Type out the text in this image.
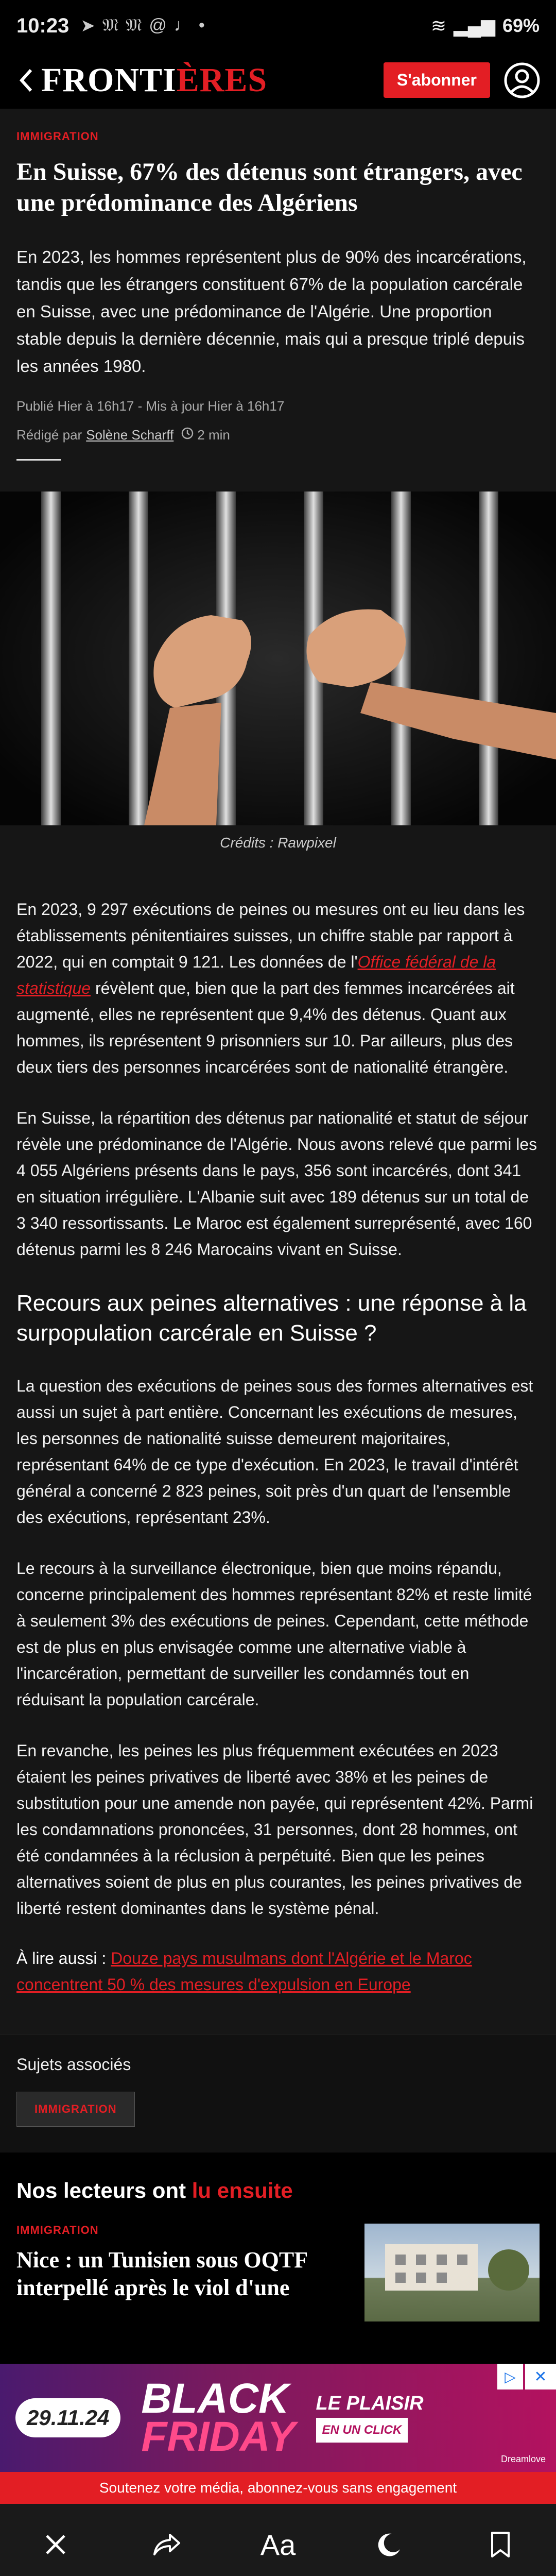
10:23 ➤ 𝔐 𝔐 @ ♩ •	≋ ▂▄▆ 69%
FRONTIÈRES	S'abonner
IMMIGRATION
En Suisse, 67% des détenus sont étrangers, avec une prédominance des Algériens

En 2023, les hommes représentent plus de 90% des incarcérations, tandis que les étrangers constituent 67% de la population carcérale en Suisse, avec une prédominance de l'Algérie. Une proportion stable depuis la dernière décennie, mais qui a presque triplé depuis les années 1980.

Publié Hier à 16h17 - Mis à jour Hier à 16h17
Rédigé par Solène Scharff 2 min
Crédits : Rawpixel

En 2023, 9 297 exécutions de peines ou mesures ont eu lieu dans les établissements pénitentiaires suisses, un chiffre stable par rapport à 2022, qui en comptait 9 121. Les données de l'Office fédéral de la statistique révèlent que, bien que la part des femmes incarcérées ait augmenté, elles ne représentent que 9,4% des détenus. Quant aux hommes, ils représentent 9 prisonniers sur 10. Par ailleurs, plus des deux tiers des personnes incarcérées sont de nationalité étrangère.

En Suisse, la répartition des détenus par nationalité et statut de séjour révèle une prédominance de l'Algérie. Nous avons relevé que parmi les 4 055 Algériens présents dans le pays, 356 sont incarcérés, dont 341 en situation irrégulière. L'Albanie suit avec 189 détenus sur un total de 3 340 ressortissants. Le Maroc est également surreprésenté, avec 160 détenus parmi les 8 246 Marocains vivant en Suisse.

Recours aux peines alternatives : une réponse à la surpopulation carcérale en Suisse ?

La question des exécutions de peines sous des formes alternatives est aussi un sujet à part entière. Concernant les exécutions de mesures, les personnes de nationalité suisse demeurent majoritaires, représentant 64% de ce type d'exécution. En 2023, le travail d'intérêt général a concerné 2 823 peines, soit près d'un quart de l'ensemble des exécutions, représentant 23%.

Le recours à la surveillance électronique, bien que moins répandu, concerne principalement des hommes représentant 82% et reste limité à seulement 3% des exécutions de peines. Cependant, cette méthode est de plus en plus envisagée comme une alternative viable à l'incarcération, permettant de surveiller les condamnés tout en réduisant la population carcérale.

En revanche, les peines les plus fréquemment exécutées en 2023 étaient les peines privatives de liberté avec 38% et les peines de substitution pour une amende non payée, qui représentent 42%. Parmi les condamnations prononcées, 31 personnes, dont 28 hommes, ont été condamnées à la réclusion à perpétuité. Bien que les peines alternatives soient de plus en plus courantes, les peines privatives de liberté restent dominantes dans le système pénal.

À lire aussi : Douze pays musulmans dont l'Algérie et le Maroc concentrent 50 % des mesures d'expulsion en Europe

Sujets associés
IMMIGRATION
Nos lecteurs ont lu ensuite
IMMIGRATION
Nice : un Tunisien sous OQTF interpellé après le viol d'une
29.11.24 BLACK
FRIDAY
LE PLAISIR
EN UN CLICK
Dreamlove
▷	✕
Soutenez votre média, abonnez-vous sans engagement
Aa
